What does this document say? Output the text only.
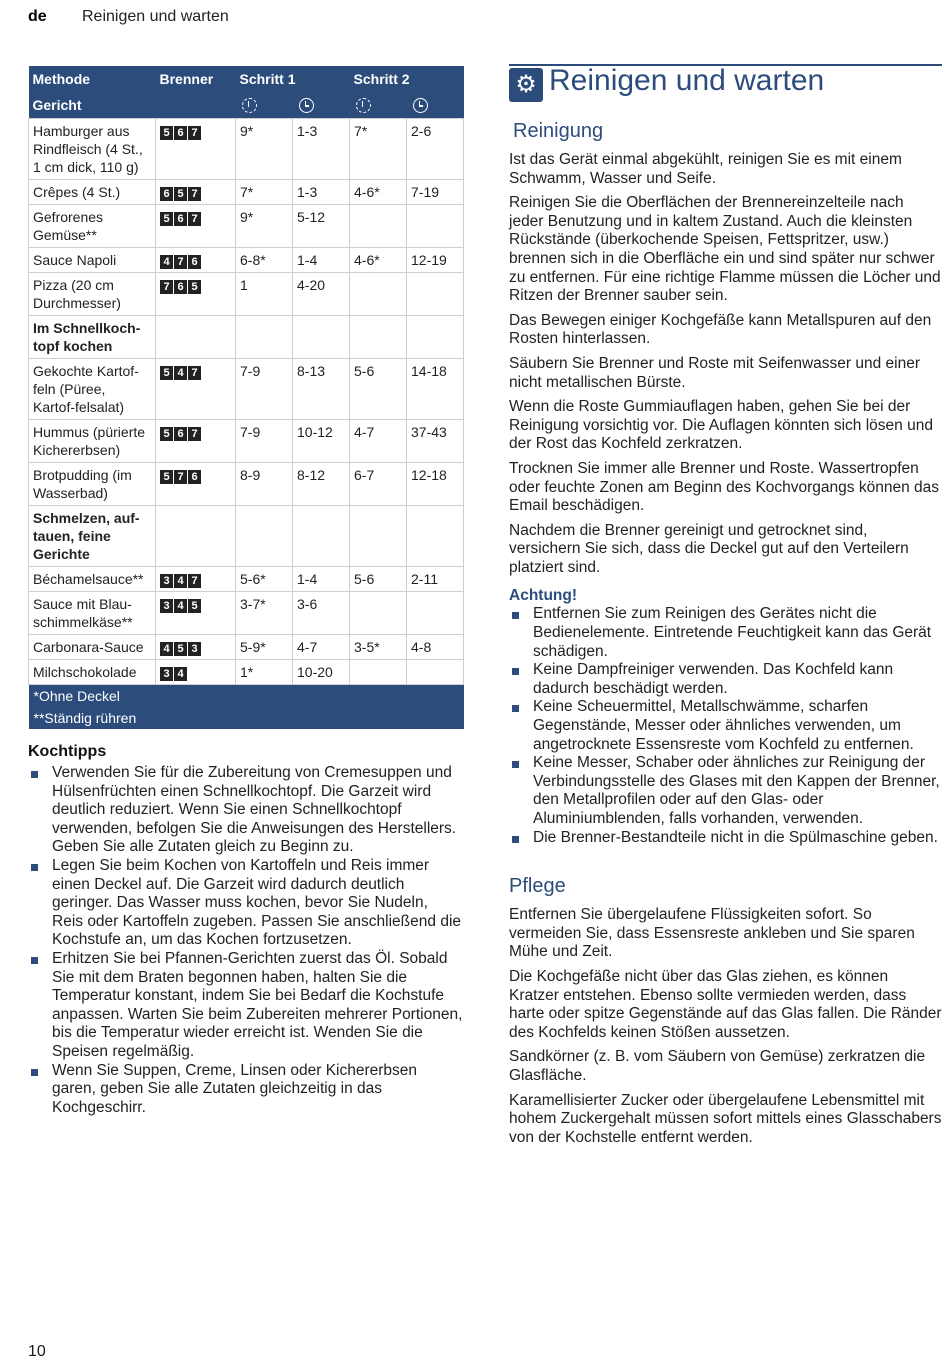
de Reinigen und warten
Methode	Brenner	Schritt 1		Schritt 2	
Gericht					
Hamburger aus Rindfleisch (4 St., 1 cm dick, 110 g)	5 6 7	9*	1-3	7*	2-6
Crêpes (4 St.)	6 5 7	7*	1-3	4-6*	7-19
Gefrorenes Gemüse**	5 6 7	9*	5-12		
Sauce Napoli	4 7 6	6-8*	1-4	4-6*	12-19
Pizza (20 cm Durchmesser)	7 6 5	1	4-20		
Im Schnellkoch-topf kochen					
Gekochte Kartof-feln (Püree, Kartof-felsalat)	5 4 7	7-9	8-13	5-6	14-18
Hummus (pürierte Kichererbsen)	5 6 7	7-9	10-12	4-7	37-43
Brotpudding (im Wasserbad)	5 7 6	8-9	8-12	6-7	12-18
Schmelzen, auf-tauen, feine Gerichte					
Béchamelsauce**	3 4 7	5-6*	1-4	5-6	2-11
Sauce mit Blau-schimmelkäse**	3 4 5	3-7*	3-6		
Carbonara-Sauce	4 5 3	5-9*	4-7	3-5*	4-8
Milchschokolade	3 4	1*	10-20		
*Ohne Deckel					
**Ständig rühren					
Kochtipps
Verwenden Sie für die Zubereitung von Cremesuppen und Hülsenfrüchten einen Schnellkochtopf. Die Garzeit wird deutlich reduziert. Wenn Sie einen Schnellkochtopf verwenden, befolgen Sie die Anweisungen des Herstellers. Geben Sie alle Zutaten gleich zu Beginn zu.
Legen Sie beim Kochen von Kartoffeln und Reis immer einen Deckel auf. Die Garzeit wird dadurch deutlich geringer. Das Wasser muss kochen, bevor Sie Nudeln, Reis oder Kartoffeln zugeben. Passen Sie anschließend die Kochstufe an, um das Kochen fortzusetzen.
Erhitzen Sie bei Pfannen-Gerichten zuerst das Öl. Sobald Sie mit dem Braten begonnen haben, halten Sie die Temperatur konstant, indem Sie bei Bedarf die Kochstufe anpassen. Warten Sie beim Zubereiten mehrerer Portionen, bis die Temperatur wieder erreicht ist. Wenden Sie die Speisen regelmäßig.
Wenn Sie Suppen, Creme, Linsen oder Kichererbsen garen, geben Sie alle Zutaten gleichzeitig in das Kochgeschirr.
⚙ Reinigen und warten
Reinigung

Ist das Gerät einmal abgekühlt, reinigen Sie es mit einem Schwamm, Wasser und Seife.

Reinigen Sie die Oberflächen der Brennereinzelteile nach jeder Benutzung und in kaltem Zustand. Auch die kleinsten Rückstände (überkochende Speisen, Fettspritzer, usw.) brennen sich in die Oberfläche ein und sind später nur schwer zu entfernen. Für eine richtige Flamme müssen die Löcher und Ritzen der Brenner sauber sein.

Das Bewegen einiger Kochgefäße kann Metallspuren auf den Rosten hinterlassen.

Säubern Sie Brenner und Roste mit Seifenwasser und einer nicht metallischen Bürste.

Wenn die Roste Gummiauflagen haben, gehen Sie bei der Reinigung vorsichtig vor. Die Auflagen könnten sich lösen und der Rost das Kochfeld zerkratzen.

Trocknen Sie immer alle Brenner und Roste. Wassertropfen oder feuchte Zonen am Beginn des Kochvorgangs können das Email beschädigen.

Nachdem die Brenner gereinigt und getrocknet sind, versichern Sie sich, dass die Deckel gut auf den Verteilern platziert sind.

Achtung!
Entfernen Sie zum Reinigen des Gerätes nicht die Bedienelemente. Eintretende Feuchtigkeit kann das Gerät schädigen.
Keine Dampfreiniger verwenden. Das Kochfeld kann dadurch beschädigt werden.
Keine Scheuermittel, Metallschwämme, scharfen Gegenstände, Messer oder ähnliches verwenden, um angetrocknete Essensreste vom Kochfeld zu entfernen.
Keine Messer, Schaber oder ähnliches zur Reinigung der Verbindungsstelle des Glases mit den Kappen der Brenner, den Metallprofilen oder auf den Glas- oder Aluminiumblenden, falls vorhanden, verwenden.
Die Brenner-Bestandteile nicht in die Spülmaschine geben.
Pflege

Entfernen Sie übergelaufene Flüssigkeiten sofort. So vermeiden Sie, dass Essensreste ankleben und Sie sparen Mühe und Zeit.

Die Kochgefäße nicht über das Glas ziehen, es können Kratzer entstehen. Ebenso sollte vermieden werden, dass harte oder spitze Gegenstände auf das Glas fallen. Die Ränder des Kochfelds keinen Stößen aussetzen.

Sandkörner (z. B. vom Säubern von Gemüse) zerkratzen die Glasfläche.

Karamellisierter Zucker oder übergelaufene Lebensmittel mit hohem Zuckergehalt müssen sofort mittels eines Glasschabers von der Kochstelle entfernt werden.

10
